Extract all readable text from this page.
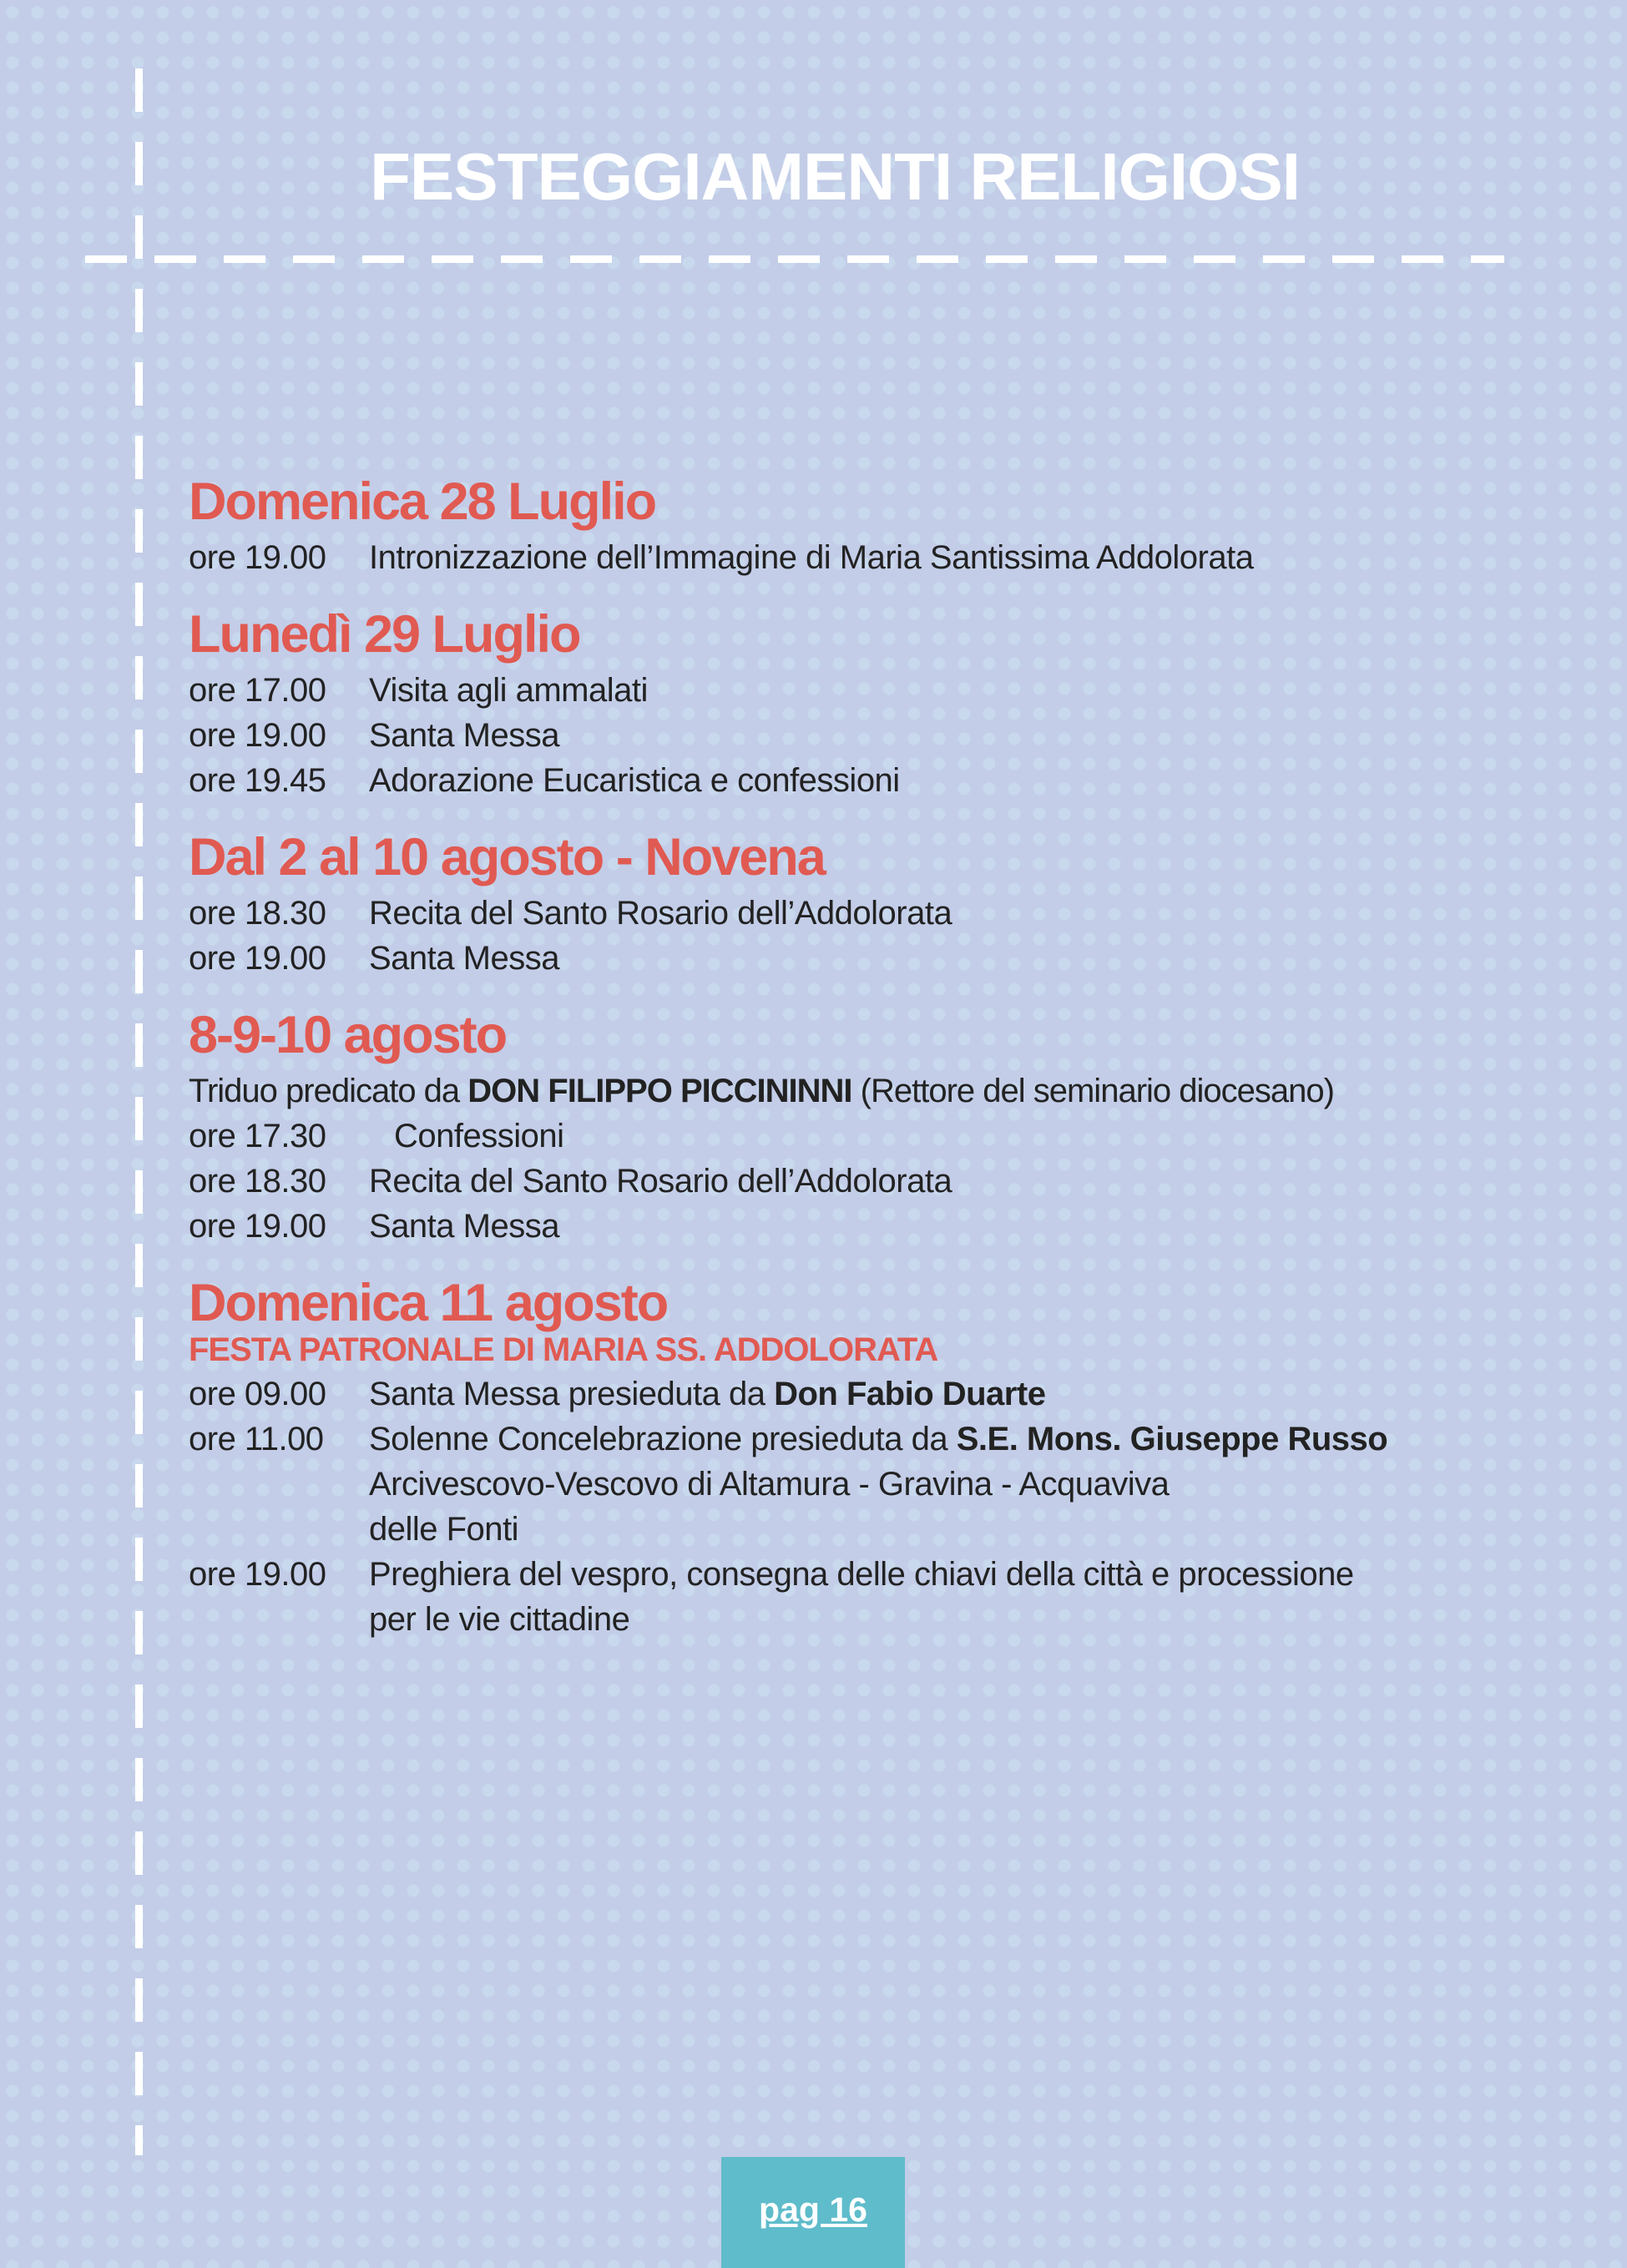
FESTEGGIAMENTI RELIGIOSI
Domenica 28 Luglio
ore 19.00	Intronizzazione dell’Immagine di Maria Santissima Addolorata
Lunedì 29 Luglio
ore 17.00	Visita agli ammalati
ore 19.00	Santa Messa
ore 19.45	Adorazione Eucaristica e confessioni
Dal 2 al 10 agosto - Novena
ore 18.30	Recita del Santo Rosario dell’Addolorata
ore 19.00	Santa Messa
8-9-10 agosto
Triduo predicato da DON FILIPPO PICCININNI (Rettore del seminario diocesano)
ore 17.30	Confessioni
ore 18.30	Recita del Santo Rosario dell’Addolorata
ore 19.00	Santa Messa
Domenica 11 agosto
FESTA PATRONALE DI MARIA SS. ADDOLORATA
ore 09.00	Santa Messa presieduta da Don Fabio Duarte
ore 11.00	Solenne Concelebrazione presieduta da S.E. Mons. Giuseppe Russo
Arcivescovo-Vescovo di Altamura - Gravina - Acquaviva
delle Fonti
ore 19.00	Preghiera del vespro, consegna delle chiavi della città e processione
per le vie cittadine
pag 16
